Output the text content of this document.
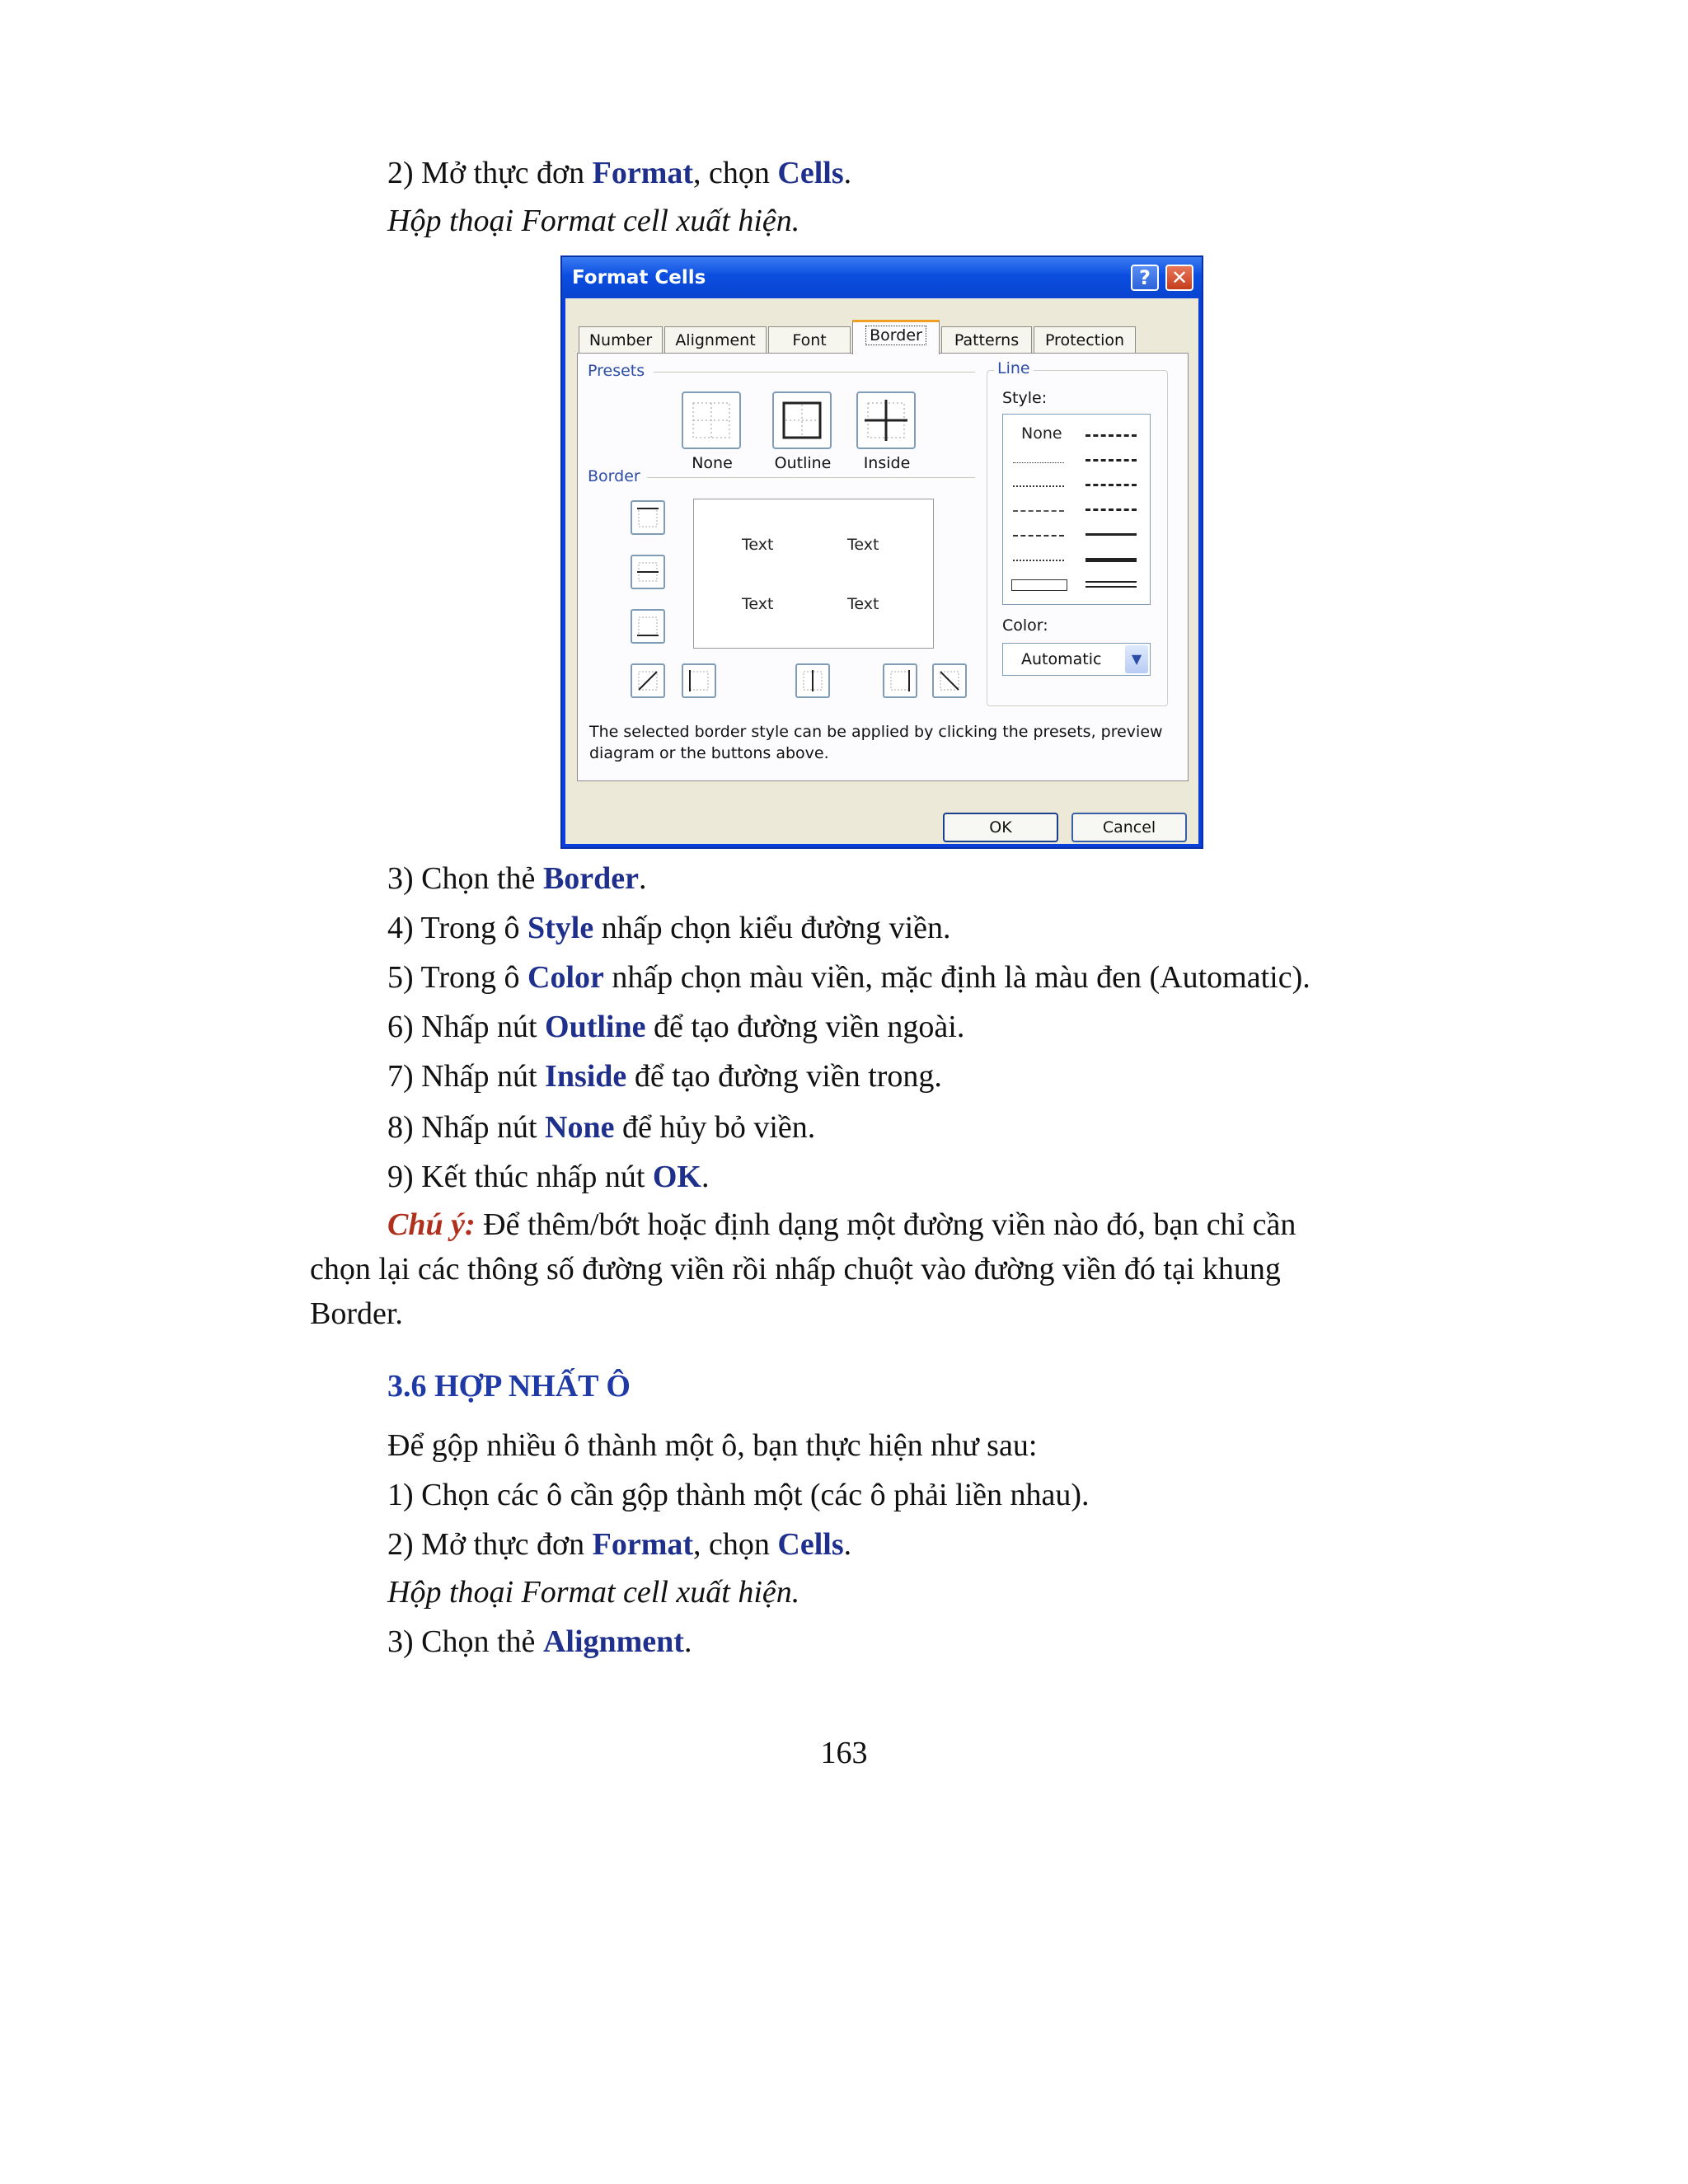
2) Mở thực đơn Format, chọn Cells.
Hộp thoại Format cell xuất hiện.
Format Cells	?	✕
Number	Alignment	Font	Border	Patterns	Protection
Presets
None	Outline	Inside
Border
Text	Text
Text	Text
Line
Style:
None
Color:
Automatic	▼
The selected border style can be applied by clicking the presets, preview diagram or the buttons above.
OK	Cancel
3) Chọn thẻ Border.
4) Trong ô Style nhấp chọn kiểu đường viền.
5) Trong ô Color nhấp chọn màu viền, mặc định là màu đen (Automatic).
6) Nhấp nút Outline để tạo đường viền ngoài.
7) Nhấp nút Inside để tạo đường viền trong.
8) Nhấp nút None để hủy bỏ viền.
9) Kết thúc nhấp nút OK.
Chú ý: Để thêm/bớt hoặc định dạng một đường viền nào đó, bạn chỉ cần
chọn lại các thông số đường viền rồi nhấp chuột vào đường viền đó tại khung
Border.
3.6 HỢP NHẤT Ô
Để gộp nhiều ô thành một ô, bạn thực hiện như sau:
1) Chọn các ô cần gộp thành một (các ô phải liền nhau).
2) Mở thực đơn Format, chọn Cells.
Hộp thoại Format cell xuất hiện.
3) Chọn thẻ Alignment.
163
